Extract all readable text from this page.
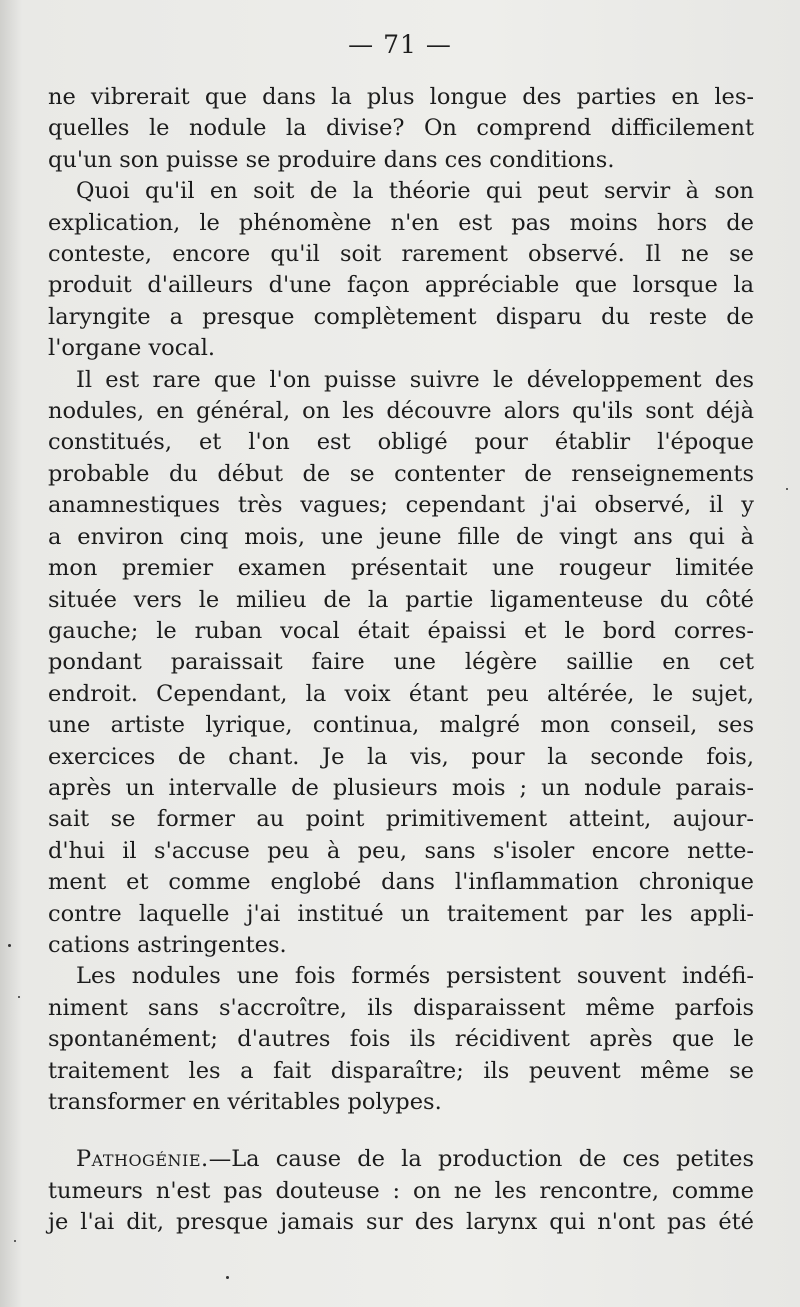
— 71 —

ne vibrerait que dans la plus longue des parties en les-
quelles le nodule la divise? On comprend difficilement
qu'un son puisse se produire dans ces conditions.

Quoi qu'il en soit de la théorie qui peut servir à son
explication, le phénomène n'en est pas moins hors de
conteste, encore qu'il soit rarement observé. Il ne se
produit d'ailleurs d'une façon appréciable que lorsque la
laryngite a presque complètement disparu du reste de
l'organe vocal.

Il est rare que l'on puisse suivre le développement des
nodules, en général, on les découvre alors qu'ils sont déjà
constitués, et l'on est obligé pour établir l'époque
probable du début de se contenter de renseignements
anamnestiques très vagues; cependant j'ai observé, il y
a environ cinq mois, une jeune fille de vingt ans qui à
mon premier examen présentait une rougeur limitée
située vers le milieu de la partie ligamenteuse du côté
gauche; le ruban vocal était épaissi et le bord corres-
pondant paraissait faire une légère saillie en cet
endroit. Cependant, la voix étant peu altérée, le sujet,
une artiste lyrique, continua, malgré mon conseil, ses
exercices de chant. Je la vis, pour la seconde fois,
après un intervalle de plusieurs mois ; un nodule parais-
sait se former au point primitivement atteint, aujour-
d'hui il s'accuse peu à peu, sans s'isoler encore nette-
ment et comme englobé dans l'inflammation chronique
contre laquelle j'ai institué un traitement par les appli-
cations astringentes.

Les nodules une fois formés persistent souvent indéfi-
niment sans s'accroître, ils disparaissent même parfois
spontanément; d'autres fois ils récidivent après que le
traitement les a fait disparaître; ils peuvent même se
transformer en véritables polypes.

Pathogénie.—La cause de la production de ces petites
tumeurs n'est pas douteuse : on ne les rencontre, comme
je l'ai dit, presque jamais sur des larynx qui n'ont pas été
